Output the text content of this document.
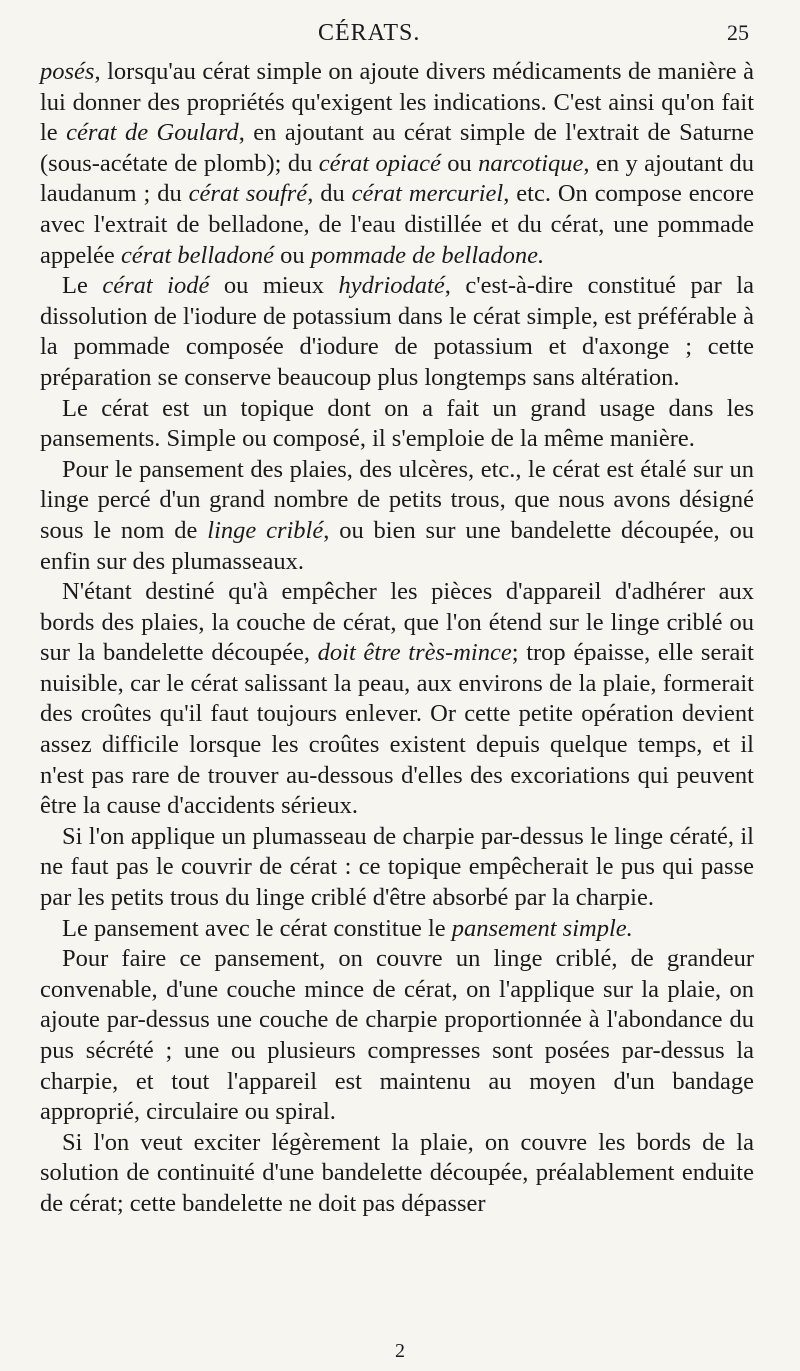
CÉRATS.	25

posés, lorsqu'au cérat simple on ajoute divers médicaments de manière à lui donner des propriétés qu'exigent les indications. C'est ainsi qu'on fait le cérat de Goulard, en ajoutant au cérat simple de l'extrait de Saturne (sous-acétate de plomb); du cérat opiacé ou narcotique, en y ajoutant du laudanum ; du cérat soufré, du cérat mercuriel, etc. On compose encore avec l'extrait de belladone, de l'eau distillée et du cérat, une pommade appelée cérat belladoné ou pommade de belladone.

Le cérat iodé ou mieux hydriodaté, c'est-à-dire constitué par la dissolution de l'iodure de potassium dans le cérat simple, est préférable à la pommade composée d'iodure de potassium et d'axonge ; cette préparation se conserve beaucoup plus longtemps sans altération.

Le cérat est un topique dont on a fait un grand usage dans les pansements. Simple ou composé, il s'emploie de la même manière.

Pour le pansement des plaies, des ulcères, etc., le cérat est étalé sur un linge percé d'un grand nombre de petits trous, que nous avons désigné sous le nom de linge criblé, ou bien sur une bandelette découpée, ou enfin sur des plumasseaux.

N'étant destiné qu'à empêcher les pièces d'appareil d'adhérer aux bords des plaies, la couche de cérat, que l'on étend sur le linge criblé ou sur la bandelette découpée, doit être très-mince; trop épaisse, elle serait nuisible, car le cérat salissant la peau, aux environs de la plaie, formerait des croûtes qu'il faut toujours enlever. Or cette petite opération devient assez difficile lorsque les croûtes existent depuis quelque temps, et il n'est pas rare de trouver au-dessous d'elles des excoriations qui peuvent être la cause d'accidents sérieux.

Si l'on applique un plumasseau de charpie par-dessus le linge cératé, il ne faut pas le couvrir de cérat : ce topique empêcherait le pus qui passe par les petits trous du linge criblé d'être absorbé par la charpie.

Le pansement avec le cérat constitue le pansement simple.

Pour faire ce pansement, on couvre un linge criblé, de grandeur convenable, d'une couche mince de cérat, on l'applique sur la plaie, on ajoute par-dessus une couche de charpie proportionnée à l'abondance du pus sécrété ; une ou plusieurs compresses sont posées par-dessus la charpie, et tout l'appareil est maintenu au moyen d'un bandage approprié, circulaire ou spiral.

Si l'on veut exciter légèrement la plaie, on couvre les bords de la solution de continuité d'une bandelette découpée, préalablement enduite de cérat; cette bandelette ne doit pas dépasser

2
